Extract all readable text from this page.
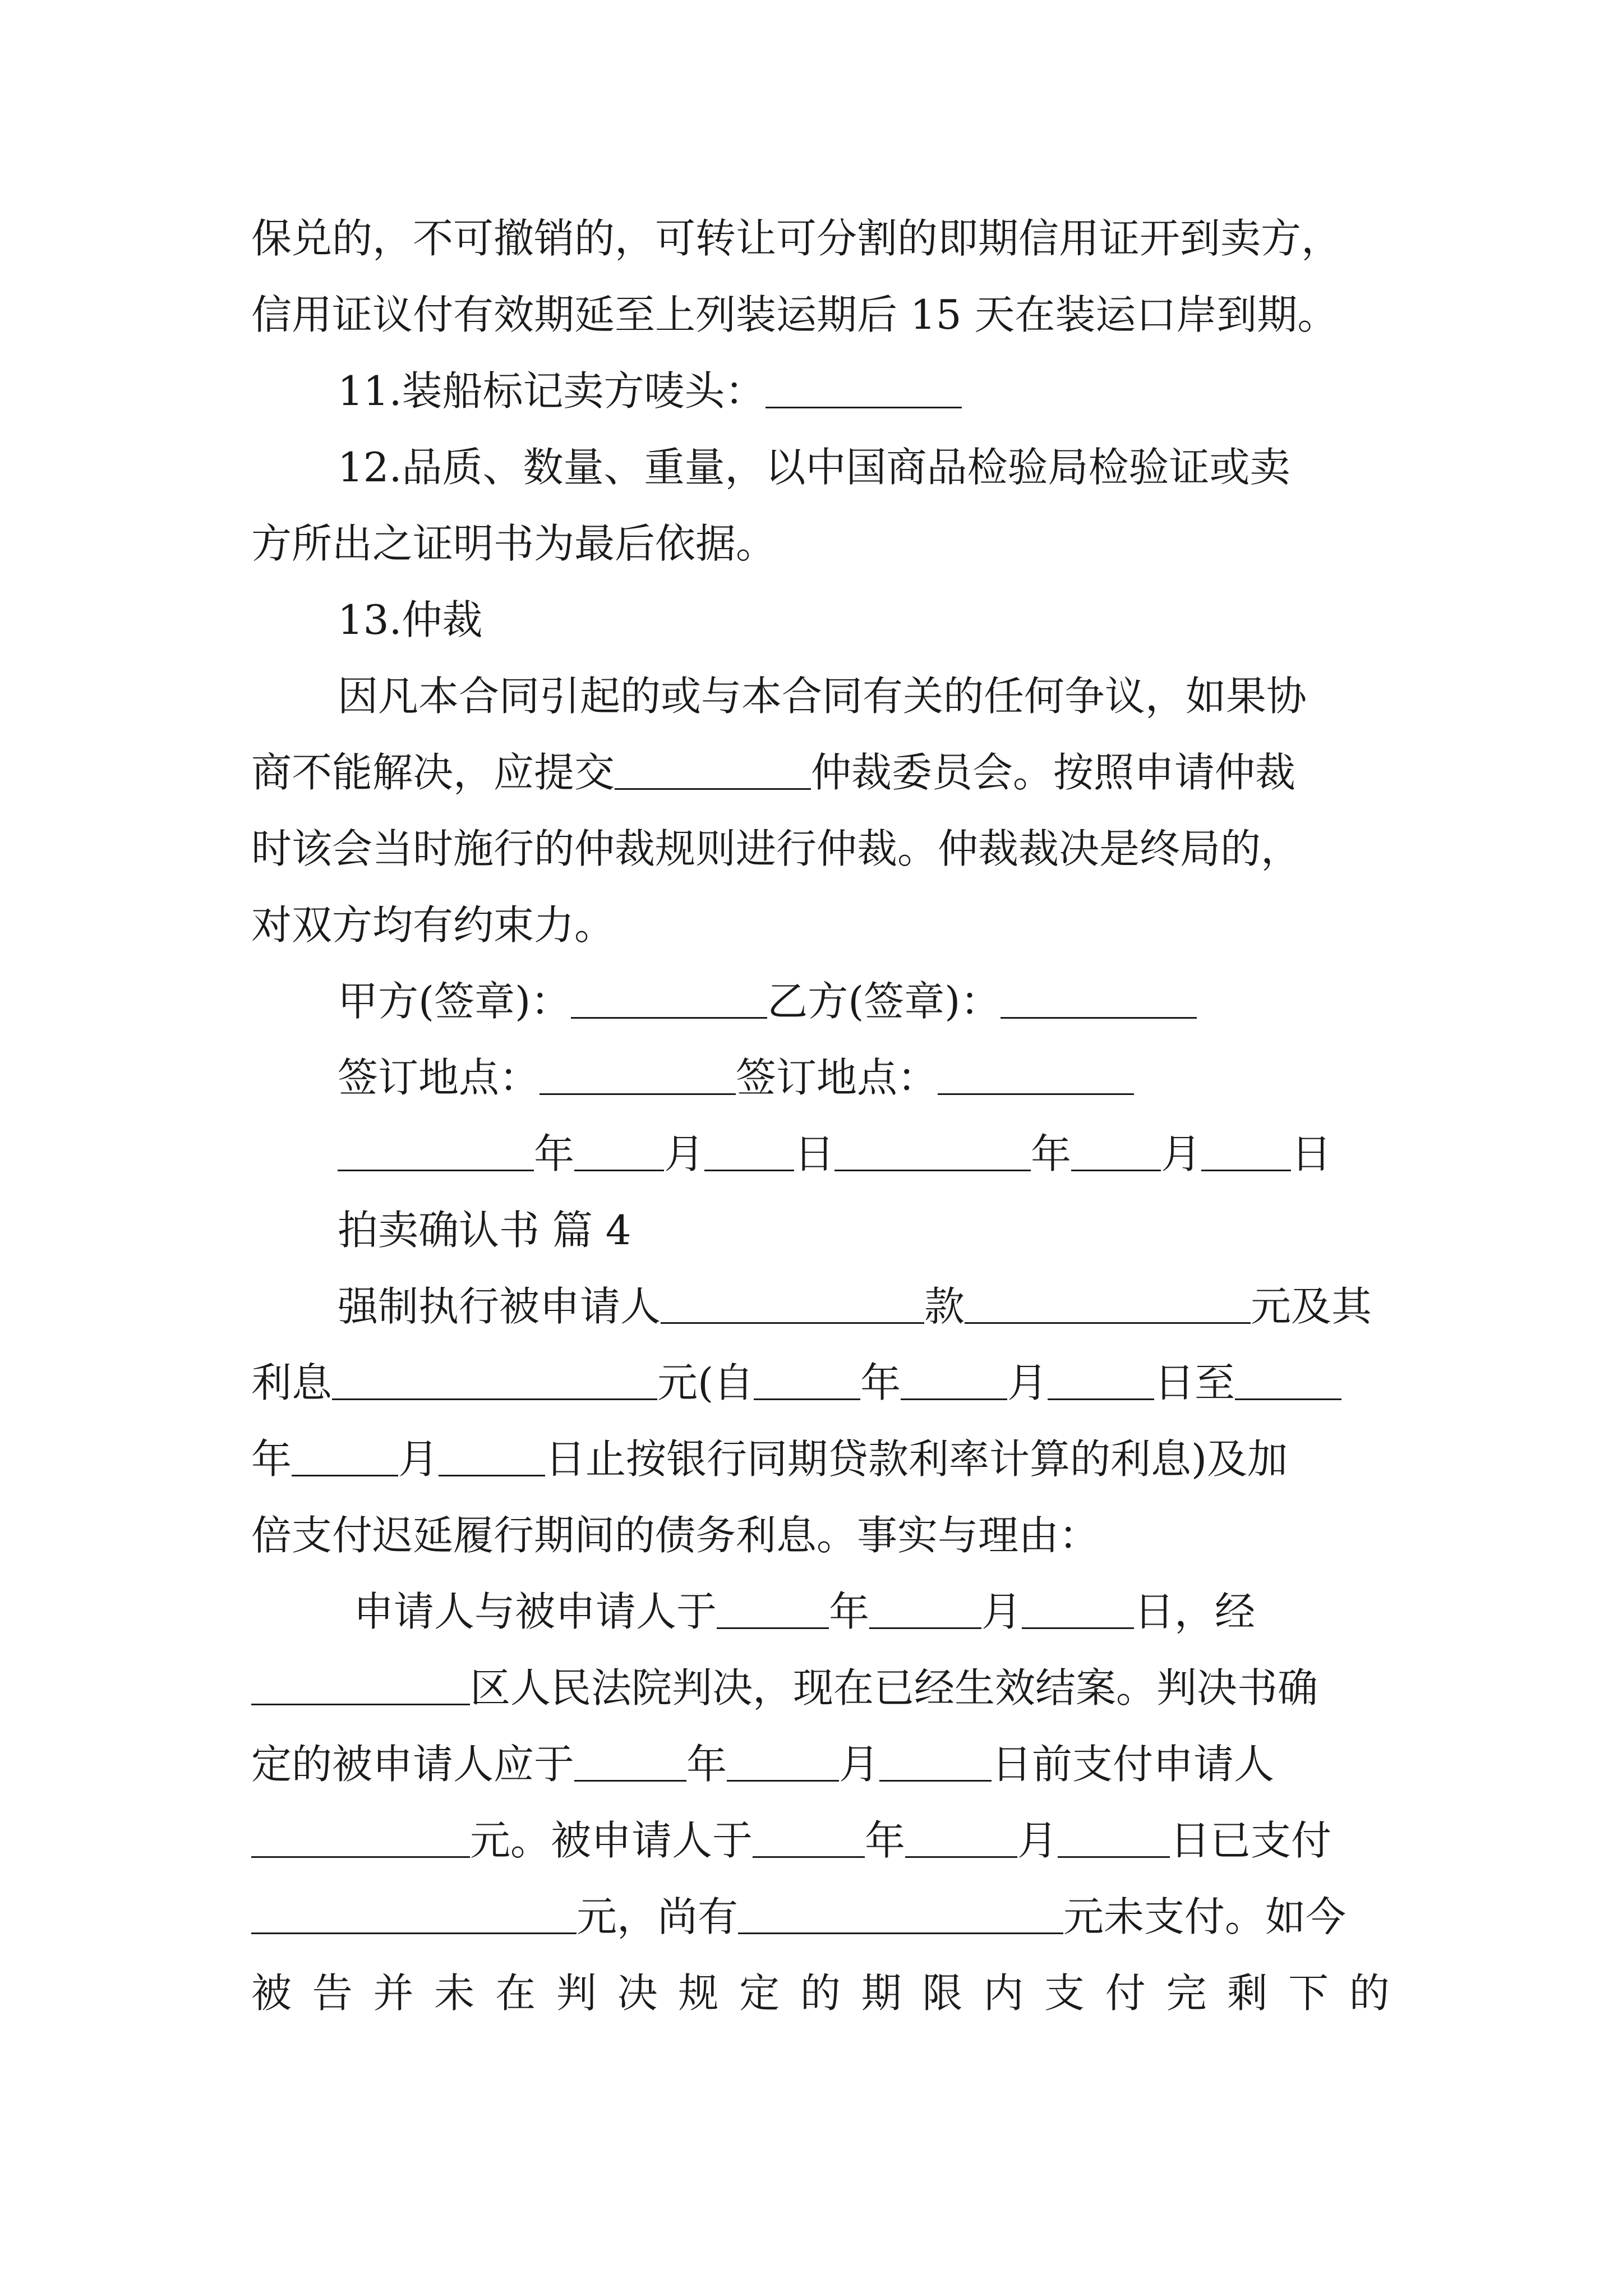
保兑的，不可撤销的，可转让可分割的即期信用证开到卖方，
信用证议付有效期延至上列装运期后 15 天在装运口岸到期。
11.装船标记卖方唛头：
12.品质、数量、重量，以中国商品检验局检验证或卖
方所出之证明书为最后依据。
13.仲裁
因凡本合同引起的或与本合同有关的任何争议，如果协
商不能解决，应提交	仲裁委员会。按照申请仲裁
时该会当时施行的仲裁规则进行仲裁。仲裁裁决是终局的，
对双方均有约束力。
甲方(签章)：	乙方(签章)：
签订地点：	签订地点：
年 月 日	年 月 日
拍卖确认书 篇 4
强制执行被申请人	款	元及其
利息	元(自	年	月	日至
年	月	日止按银行同期贷款利率计算的利息)及加
倍支付迟延履行期间的债务利息。事实与理由：
申请人与被申请人于	年	月	日，经
区人民法院判决，现在已经生效结案。判决书确
定的被申请人应于	年	月	日前支付申请人
元。被申请人于	年	月	日已支付
元，尚有	元未支付。如今
被 告 并 未 在 判 决 规 定 的 期 限 内 支 付 完 剩 下 的
